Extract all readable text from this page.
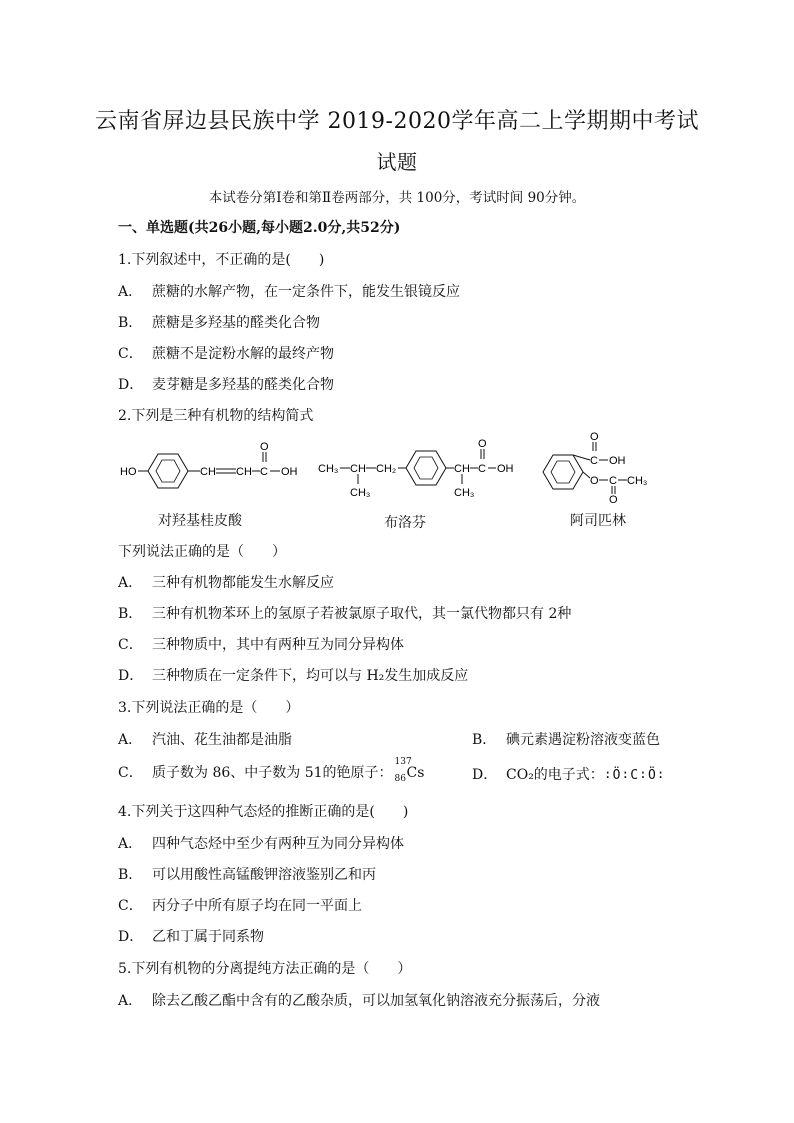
云南省屏边县民族中学 2019-2020学年高二上学期期中考试
试题
本试卷分第Ⅰ卷和第Ⅱ卷两部分，共 100分，考试时间 90分钟。
一、单选题(共26小题,每小题2.0分,共52分)
1.下列叙述中，不正确的是(　　)
A． 蔗糖的水解产物，在一定条件下，能发生银镜反应
B． 蔗糖是多羟基的醛类化合物
C． 蔗糖不是淀粉水解的最终产物
D． 麦芽糖是多羟基的醛类化合物
2.下列是三种有机物的结构简式
HO	CH CH C
O
OH CH₃ CH
CH₃
CH₂	CH
CH₃
C
O
OH
C
O
OH
O C
O
CH₃
对羟基桂皮酸	布洛芬	阿司匹林
下列说法正确的是（　　）
A． 三种有机物都能发生水解反应
B． 三种有机物苯环上的氢原子若被氯原子取代，其一氯代物都只有 2种
C． 三种物质中，其中有两种互为同分异构体
D． 三种物质在一定条件下，均可以与 H₂发生加成反应
3.下列说法正确的是（　　）
A． 汽油、花生油都是油脂	B． 碘元素遇淀粉溶液变蓝色
C． 质子数为 86、中子数为 51的铯原子：
137
86 Cs	D． CO₂的电子式：∶Ö∶C∶Ö∶
4.下列关于这四种气态烃的推断正确的是(　　)
A． 四种气态烃中至少有两种互为同分异构体
B． 可以用酸性高锰酸钾溶液鉴别乙和丙
C． 丙分子中所有原子均在同一平面上
D． 乙和丁属于同系物
5.下列有机物的分离提纯方法正确的是（　　）
A． 除去乙酸乙酯中含有的乙酸杂质，可以加氢氧化钠溶液充分振荡后，分液
